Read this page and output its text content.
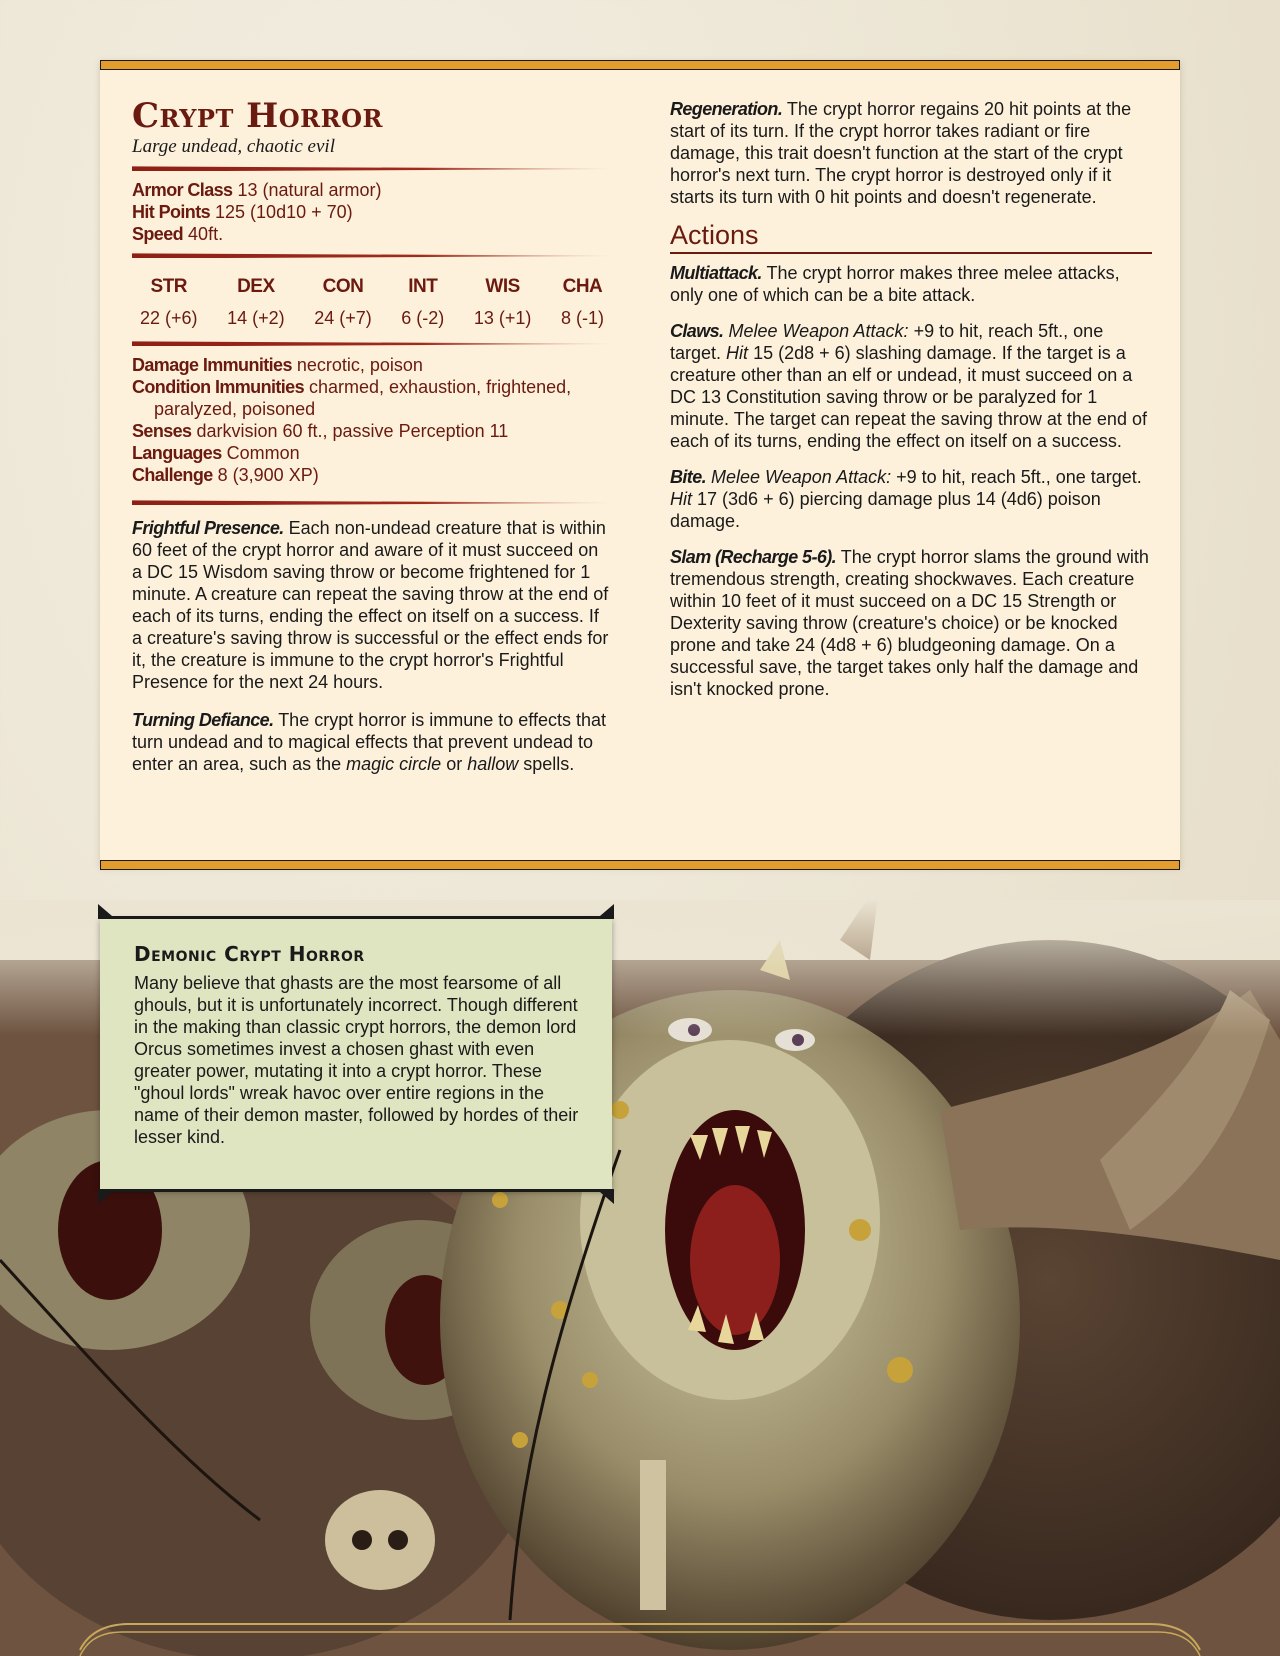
Crypt Horror
Large undead, chaotic evil
Armor Class 13 (natural armor)
Hit Points 125 (10d10 + 70)
Speed 40ft.
STR
22 (+6)
DEX
14 (+2)
CON
24 (+7)
INT
6 (-2)
WIS
13 (+1)
CHA
8 (-1)
Damage Immunities necrotic, poison
Condition Immunities charmed, exhaustion, frightened,
paralyzed, poisoned
Senses darkvision 60 ft., passive Perception 11
Languages Common
Challenge 8 (3,900 XP)
Frightful Presence. Each non-undead creature that is within 60 feet of the crypt horror and aware of it must succeed on a DC 15 Wisdom saving throw or become frightened for 1 minute. A creature can repeat the saving throw at the end of each of its turns, ending the effect on itself on a success. If a creature's saving throw is successful or the effect ends for it, the creature is immune to the crypt horror's Frightful Presence for the next 24 hours.
Turning Defiance. The crypt horror is immune to effects that turn undead and to magical effects that prevent undead to enter an area, such as the magic circle or hallow spells.
Regeneration. The crypt horror regains 20 hit points at the start of its turn. If the crypt horror takes radiant or fire damage, this trait doesn't function at the start of the crypt horror's next turn. The crypt horror is destroyed only if it starts its turn with 0 hit points and doesn't regenerate.
Actions
Multiattack. The crypt horror makes three melee attacks, only one of which can be a bite attack.
Claws. Melee Weapon Attack: +9 to hit, reach 5ft., one target. Hit 15 (2d8 + 6) slashing damage. If the target is a creature other than an elf or undead, it must succeed on a DC 13 Constitution saving throw or be paralyzed for 1 minute. The target can repeat the saving throw at the end of each of its turns, ending the effect on itself on a success.
Bite. Melee Weapon Attack: +9 to hit, reach 5ft., one target. Hit 17 (3d6 + 6) piercing damage plus 14 (4d6) poison damage.
Slam (Recharge 5-6). The crypt horror slams the ground with tremendous strength, creating shockwaves. Each creature within 10 feet of it must succeed on a DC 15 Strength or Dexterity saving throw (creature's choice) or be knocked prone and take 24 (4d8 + 6) bludgeoning damage. On a successful save, the target takes only half the damage and isn't knocked prone.
Demonic Crypt Horror
Many believe that ghasts are the most fearsome of all ghouls, but it is unfortunately incorrect. Though different in the making than classic crypt horrors, the demon lord Orcus sometimes invest a chosen ghast with even greater power, mutating it into a crypt horror. These "ghoul lords" wreak havoc over entire regions in the name of their demon master, followed by hordes of their lesser kind.
